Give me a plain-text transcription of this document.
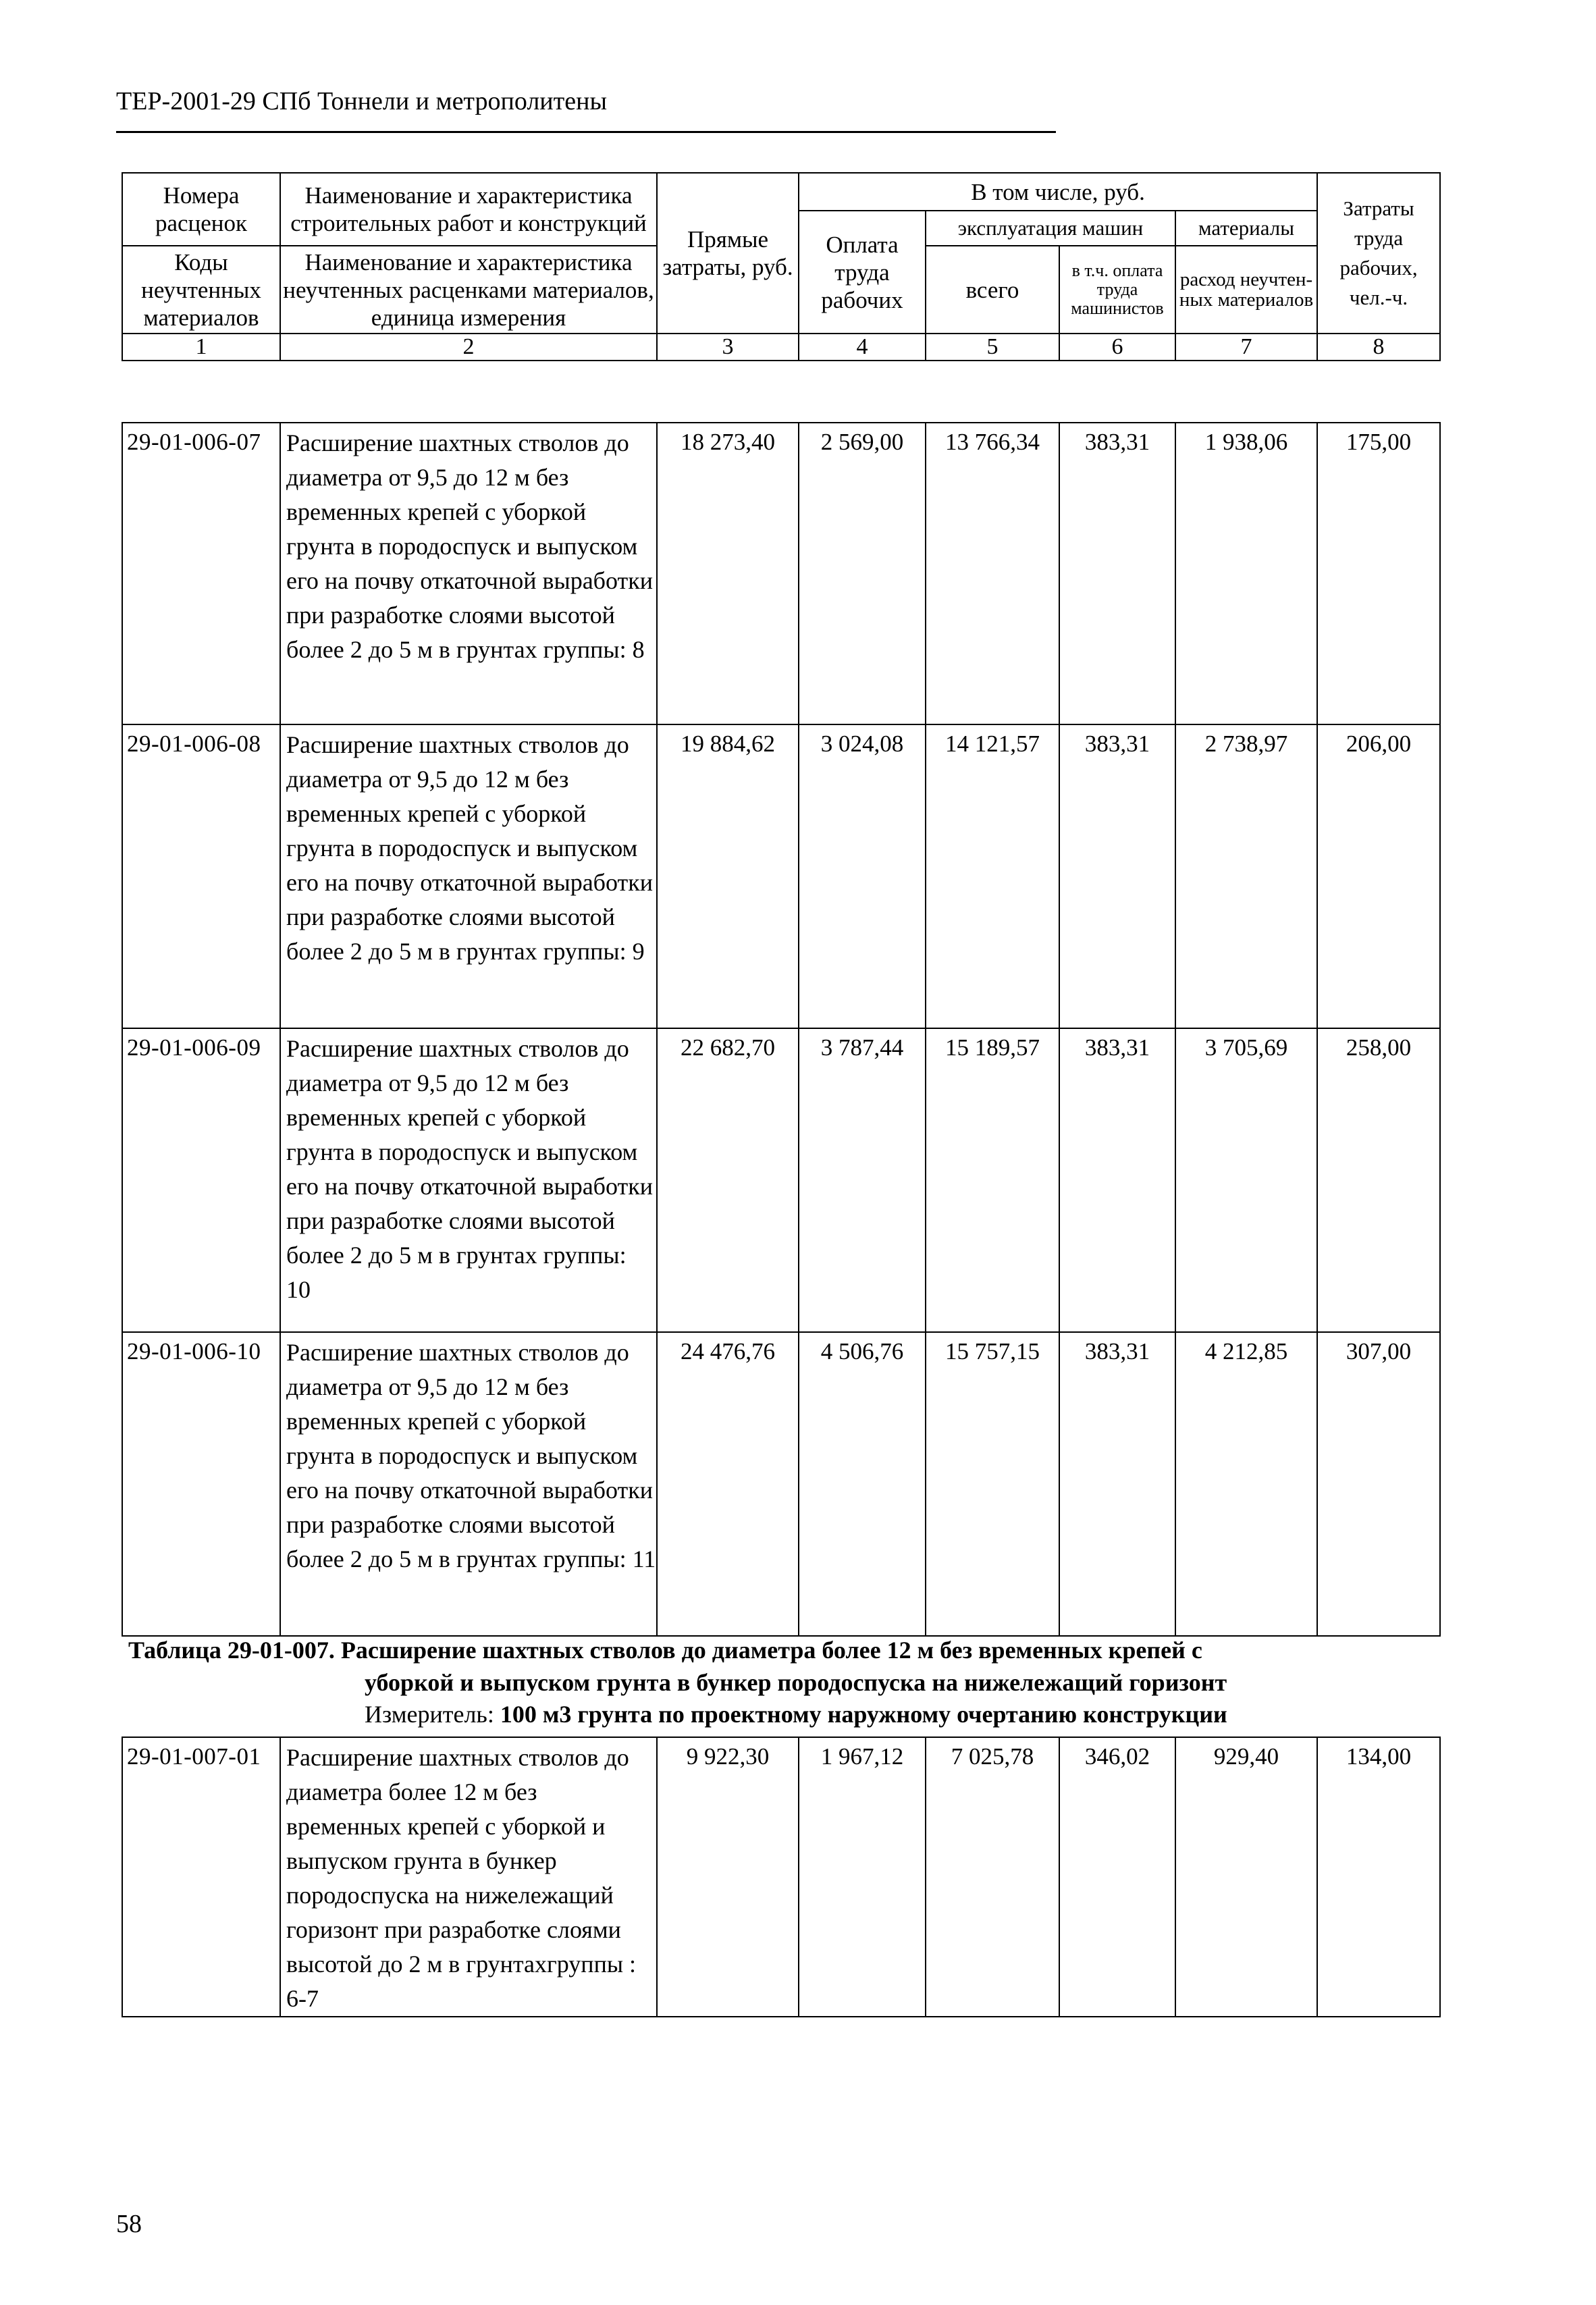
ТЕР-2001-29 СПб Тоннели и метрополитены
Номера расценок	Наименование и характеристика строительных работ и конструкций	Прямые затраты, руб.	В том числе, руб.				Затраты труда рабочих, чел.-ч.
			Оплата труда рабочих	эксплуатация машин		материалы	
Коды неучтенных материалов	Наименование и характеристика неучтенных расценками материалов, единица измерения			всего	в т.ч. оплата труда машинистов	расход неучтен-ных материалов	

1	2	3	4	5	6	7	8
29-01-006-07	Расширение шахтных стволов до диаметра от 9,5 до 12 м без временных крепей с уборкой грунта в породоспуск и выпуском его на почву откаточной выработки при разработке слоями высотой более 2 до 5 м в грунтах группы: 8	18 273,40	2 569,00	13 766,34	383,31	1 938,06	175,00
29-01-006-08	Расширение шахтных стволов до диаметра от 9,5 до 12 м без временных крепей с уборкой грунта в породоспуск и выпуском его на почву откаточной выработки при разработке слоями высотой более 2 до 5 м в грунтах группы: 9	19 884,62	3 024,08	14 121,57	383,31	2 738,97	206,00
29-01-006-09	Расширение шахтных стволов до диаметра от 9,5 до 12 м без временных крепей с уборкой грунта в породоспуск и выпуском его на почву откаточной выработки при разработке слоями высотой более 2 до 5 м в грунтах группы: 10	22 682,70	3 787,44	15 189,57	383,31	3 705,69	258,00
29-01-006-10	Расширение шахтных стволов до диаметра от 9,5 до 12 м без временных крепей с уборкой грунта в породоспуск и выпуском его на почву откаточной выработки при разработке слоями высотой более 2 до 5 м в грунтах группы: 11	24 476,76	4 506,76	15 757,15	383,31	4 212,85	307,00
Таблица 29-01-007. Расширение шахтных стволов до диаметра более 12 м без временных крепей с
уборкой и выпуском грунта в бункер породоспуска на нижележащий горизонт
Измеритель: 100 м3 грунта по проектному наружному очертанию конструкции
29-01-007-01	Расширение шахтных стволов до диаметра более 12 м без временных крепей с уборкой и выпуском грунта в бункер породоспуска на нижележащий горизонт при разработке слоями высотой до 2 м в грунтахгруппы : 6-7	9 922,30	1 967,12	7 025,78	346,02	929,40	134,00
58
